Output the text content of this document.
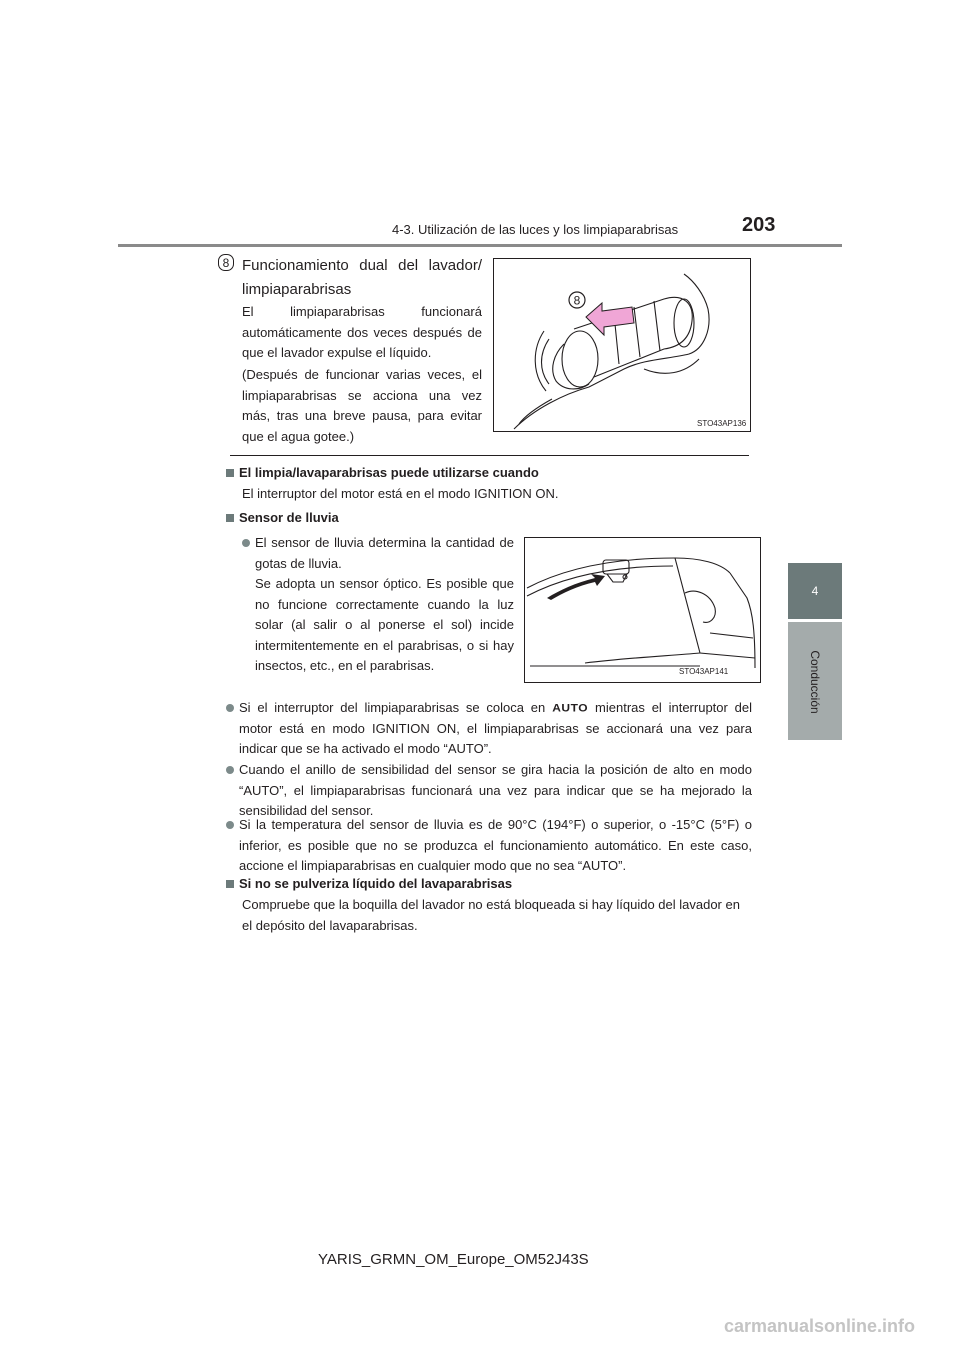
4-3. Utilización de las luces y los limpiaparabrisas	203
4
Conducción
8 Funcionamiento dual del lavador/
limpiaparabrisas
El limpiaparabrisas funcionará automáticamente dos veces después de que el lavador expulse el líquido.
(Después de funcionar varias veces, el limpiaparabrisas se acciona una vez más, tras una breve pausa, para evitar que el agua gotee.)
8
STO43AP136
El limpia/lavaparabrisas puede utilizarse cuando
El interruptor del motor está en el modo IGNITION ON.
Sensor de lluvia
El sensor de lluvia determina la cantidad de gotas de lluvia.
Se adopta un sensor óptico. Es posible que no funcione correctamente cuando la luz solar (al salir o al ponerse el sol) incide intermitentemente en el parabrisas, o si hay insectos, etc., en el parabrisas.	STO43AP141
Si el interruptor del limpiaparabrisas se coloca en AUTO mientras el interruptor del motor está en modo IGNITION ON, el limpiaparabrisas se accionará una vez para indicar que se ha activado el modo “AUTO”.
Cuando el anillo de sensibilidad del sensor se gira hacia la posición de alto en modo “AUTO”, el limpiaparabrisas funcionará una vez para indicar que se ha mejorado la sensibilidad del sensor.
Si la temperatura del sensor de lluvia es de 90°C (194°F) o superior, o -15°C (5°F) o inferior, es posible que no se produzca el funcionamiento automático. En este caso, accione el limpiaparabrisas en cualquier modo que no sea “AUTO”.
Si no se pulveriza líquido del lavaparabrisas
Compruebe que la boquilla del lavador no está bloqueada si hay líquido del lavador en el depósito del lavaparabrisas.
YARIS_GRMN_OM_Europe_OM52J43S
carmanualsonline.info
